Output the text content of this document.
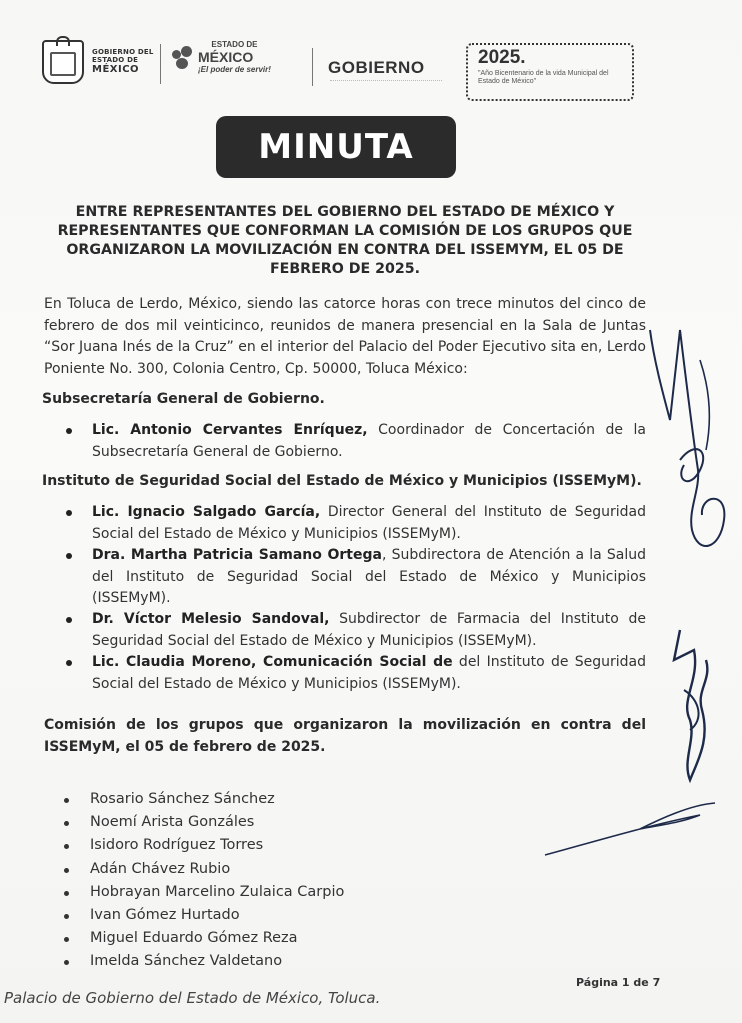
GOBIERNO DEL
ESTADO DE
MÉXICO
ESTADO DE
MÉXICO
¡El poder de servir!	GOBIERNO	2025.
"Año Bicentenario de la vida Municipal del Estado de México"
MINUTA
ENTRE REPRESENTANTES DEL GOBIERNO DEL ESTADO DE MÉXICO Y REPRESENTANTES QUE CONFORMAN LA COMISIÓN DE LOS GRUPOS QUE ORGANIZARON LA MOVILIZACIÓN EN CONTRA DEL ISSEMYM, EL 05 DE FEBRERO DE 2025.
En Toluca de Lerdo, México, siendo las catorce horas con trece minutos del cinco de febrero de dos mil veinticinco, reunidos de manera presencial en la Sala de Juntas “Sor Juana Inés de la Cruz” en el interior del Palacio del Poder Ejecutivo sita en, Lerdo Poniente No. 300, Colonia Centro, Cp. 50000, Toluca México:
Subsecretaría General de Gobierno.
Lic. Antonio Cervantes Enríquez, Coordinador de Concertación de la Subsecretaría General de Gobierno.
Instituto de Seguridad Social del Estado de México y Municipios (ISSEMyM).
Lic. Ignacio Salgado García, Director General del Instituto de Seguridad Social del Estado de México y Municipios (ISSEMyM).
Dra. Martha Patricia Samano Ortega, Subdirectora de Atención a la Salud del Instituto de Seguridad Social del Estado de México y Municipios (ISSEMyM).
Dr. Víctor Melesio Sandoval, Subdirector de Farmacia del Instituto de Seguridad Social del Estado de México y Municipios (ISSEMyM).
Lic. Claudia Moreno, Comunicación Social de del Instituto de Seguridad Social del Estado de México y Municipios (ISSEMyM).
Comisión de los grupos que organizaron la movilización en contra del ISSEMyM, el 05 de febrero de 2025.
Rosario Sánchez Sánchez
Noemí Arista Gonzáles
Isidoro Rodríguez Torres
Adán Chávez Rubio
Hobrayan Marcelino Zulaica Carpio
Ivan Gómez Hurtado
Miguel Eduardo Gómez Reza
Imelda Sánchez Valdetano
Página 1 de 7
Palacio de Gobierno del Estado de México, Toluca.
